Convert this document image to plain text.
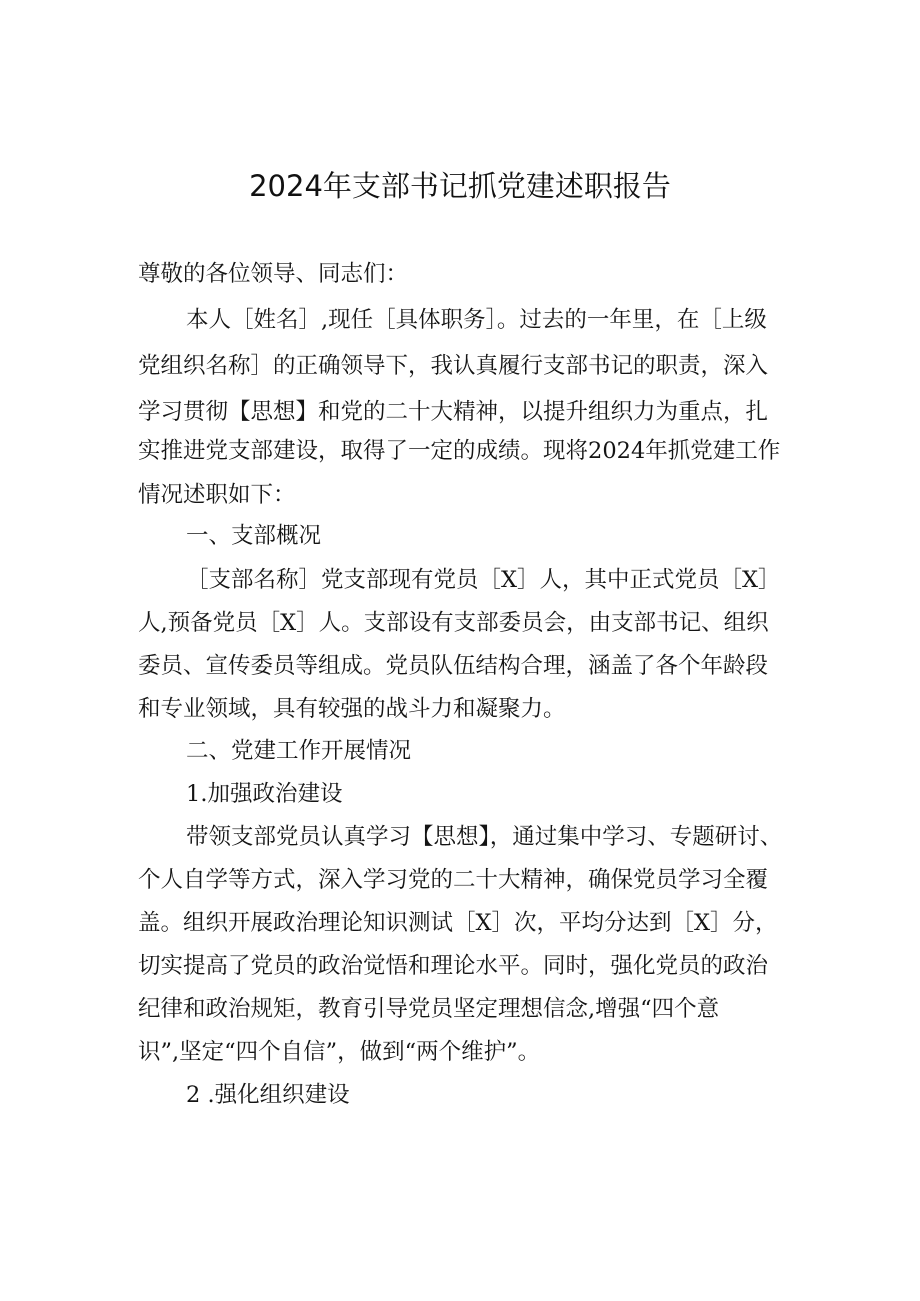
2024年支部书记抓党建述职报告
尊敬的各位领导、同志们：
本人［姓名］,现任［具体职务］。过去的一年里，在［上级
党组织名称］的正确领导下，我认真履行支部书记的职责，深入
学习贯彻【思想】和党的二十大精神，以提升组织力为重点，扎
实推进党支部建设，取得了一定的成绩。现将2024年抓党建工作
情况述职如下：
一、支部概况
［支部名称］党支部现有党员［X］人，其中正式党员［X］
人,预备党员［X］人。支部设有支部委员会，由支部书记、组织
委员、宣传委员等组成。党员队伍结构合理，涵盖了各个年龄段
和专业领域，具有较强的战斗力和凝聚力。
二、党建工作开展情况
1.加强政治建设
带领支部党员认真学习【思想】，通过集中学习、专题研讨、
个人自学等方式，深入学习党的二十大精神，确保党员学习全覆
盖。组织开展政治理论知识测试［X］次，平均分达到［X］分，
切实提高了党员的政治觉悟和理论水平。同时，强化党员的政治
纪律和政治规矩，教育引导党员坚定理想信念,增强“四个意
识”,坚定“四个自信”，做到“两个维护”。
2 .强化组织建设
